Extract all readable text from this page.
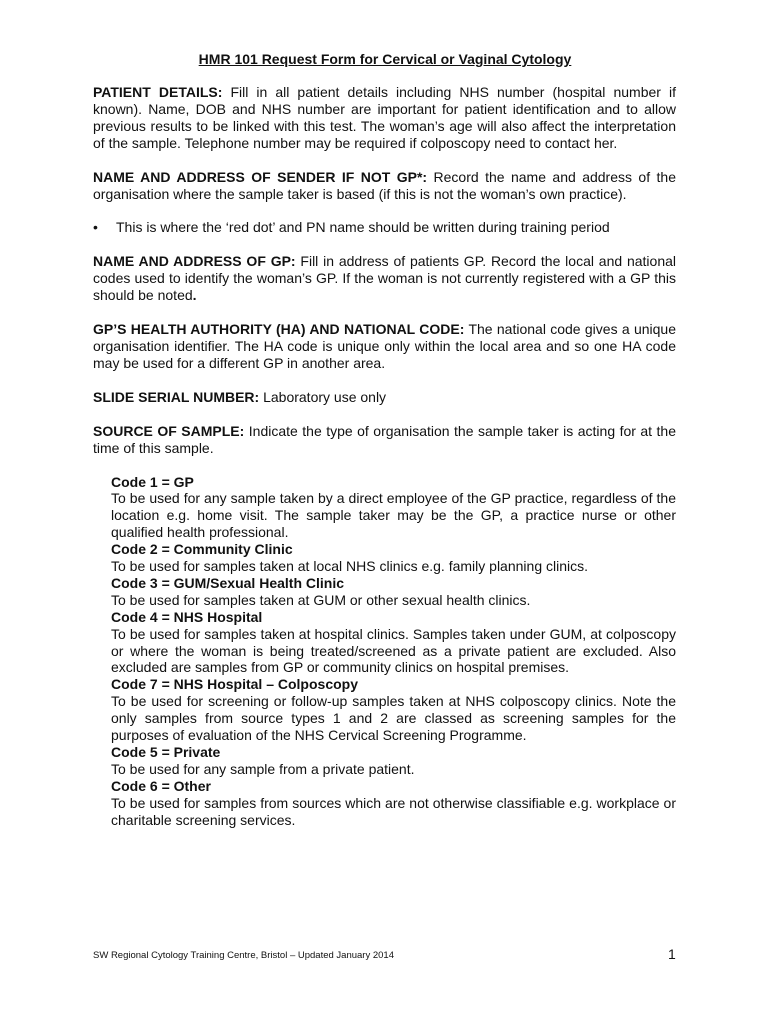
HMR 101 Request Form for Cervical or Vaginal Cytology

PATIENT DETAILS: Fill in all patient details including NHS number (hospital number if known). Name, DOB and NHS number are important for patient identification and to allow previous results to be linked with this test. The woman’s age will also affect the interpretation of the sample. Telephone number may be required if colposcopy need to contact her.

NAME AND ADDRESS OF SENDER IF NOT GP*: Record the name and address of the organisation where the sample taker is based (if this is not the woman’s own practice).

•	This is where the ‘red dot’ and PN name should be written during training period

NAME AND ADDRESS OF GP: Fill in address of patients GP. Record the local and national codes used to identify the woman’s GP. If the woman is not currently registered with a GP this should be noted.

GP’S HEALTH AUTHORITY (HA) AND NATIONAL CODE: The national code gives a unique organisation identifier. The HA code is unique only within the local area and so one HA code may be used for a different GP in another area.

SLIDE SERIAL NUMBER: Laboratory use only

SOURCE OF SAMPLE: Indicate the type of organisation the sample taker is acting for at the time of this sample.

Code 1 = GP

To be used for any sample taken by a direct employee of the GP practice, regardless of the location e.g. home visit. The sample taker may be the GP, a practice nurse or other qualified health professional.

Code 2 = Community Clinic

To be used for samples taken at local NHS clinics e.g. family planning clinics.

Code 3 = GUM/Sexual Health Clinic

To be used for samples taken at GUM or other sexual health clinics.

Code 4 = NHS Hospital

To be used for samples taken at hospital clinics. Samples taken under GUM, at colposcopy or where the woman is being treated/screened as a private patient are excluded. Also excluded are samples from GP or community clinics on hospital premises.

Code 7 = NHS Hospital – Colposcopy

To be used for screening or follow-up samples taken at NHS colposcopy clinics. Note the only samples from source types 1 and 2 are classed as screening samples for the purposes of evaluation of the NHS Cervical Screening Programme.

Code 5 = Private

To be used for any sample from a private patient.

Code 6 = Other

To be used for samples from sources which are not otherwise classifiable e.g. workplace or charitable screening services.

SW Regional Cytology Training Centre, Bristol – Updated January 2014	1
